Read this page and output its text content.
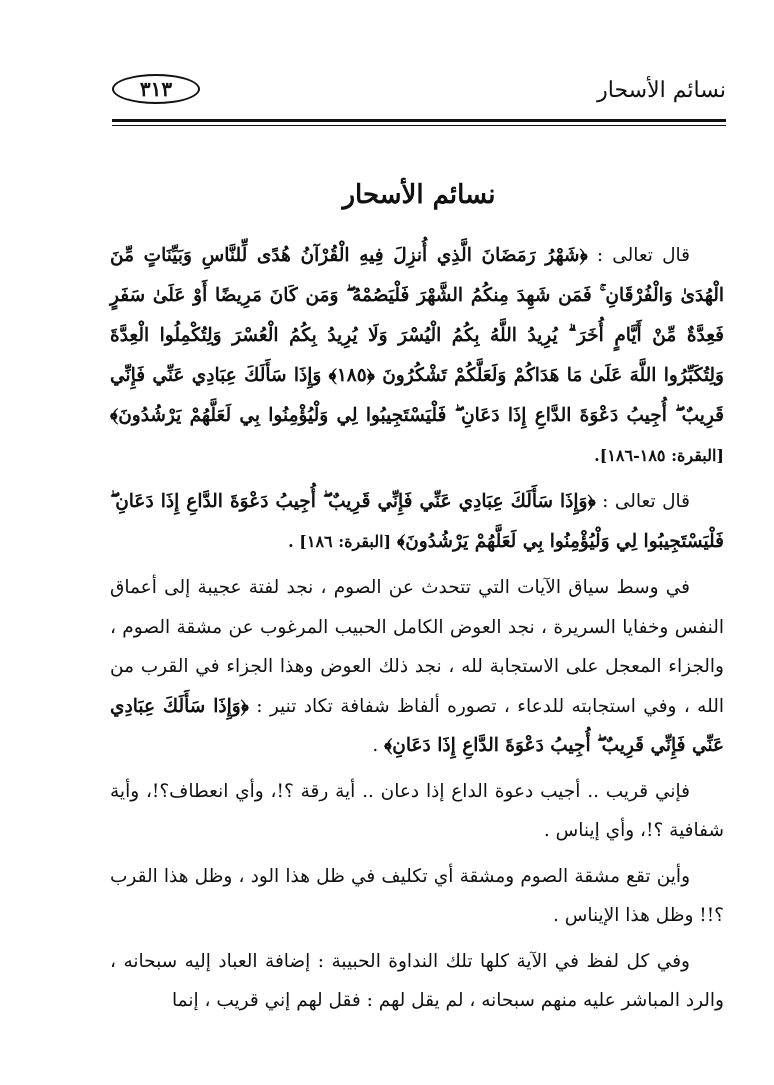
نسائم الأسحار
٣١٣
نسائم الأسحار

قال تعالى : ﴿شَهْرُ رَمَضَانَ الَّذِي أُنزِلَ فِيهِ الْقُرْآنُ هُدًى لِّلنَّاسِ وَبَيِّنَاتٍ مِّنَ الْهُدَىٰ وَالْفُرْقَانِ ۚ فَمَن شَهِدَ مِنكُمُ الشَّهْرَ فَلْيَصُمْهُ ۖ وَمَن كَانَ مَرِيضًا أَوْ عَلَىٰ سَفَرٍ فَعِدَّةٌ مِّنْ أَيَّامٍ أُخَرَ ۗ يُرِيدُ اللَّهُ بِكُمُ الْيُسْرَ وَلَا يُرِيدُ بِكُمُ الْعُسْرَ وَلِتُكْمِلُوا الْعِدَّةَ وَلِتُكَبِّرُوا اللَّهَ عَلَىٰ مَا هَدَاكُمْ وَلَعَلَّكُمْ تَشْكُرُونَ ﴿١٨٥﴾ وَإِذَا سَأَلَكَ عِبَادِي عَنِّي فَإِنِّي قَرِيبٌ ۖ أُجِيبُ دَعْوَةَ الدَّاعِ إِذَا دَعَانِ ۖ فَلْيَسْتَجِيبُوا لِي وَلْيُؤْمِنُوا بِي لَعَلَّهُمْ يَرْشُدُونَ﴾ [البقرة: ١٨٥-١٨٦].

قال تعالى : ﴿وَإِذَا سَأَلَكَ عِبَادِي عَنِّي فَإِنِّي قَرِيبٌ ۖ أُجِيبُ دَعْوَةَ الدَّاعِ إِذَا دَعَانِ ۖ فَلْيَسْتَجِيبُوا لِي وَلْيُؤْمِنُوا بِي لَعَلَّهُمْ يَرْشُدُونَ﴾ [البقرة: ١٨٦] .

في وسط سياق الآيات التي تتحدث عن الصوم ، نجد لفتة عجيبة إلى أعماق النفس وخفايا السريرة ، نجد العوض الكامل الحبيب المرغوب عن مشقة الصوم ، والجزاء المعجل على الاستجابة لله ، نجد ذلك العوض وهذا الجزاء في القرب من الله ، وفي استجابته للدعاء ، تصوره ألفاظ شفافة تكاد تنير : ﴿وَإِذَا سَأَلَكَ عِبَادِي عَنِّي فَإِنِّي قَرِيبٌ ۖ أُجِيبُ دَعْوَةَ الدَّاعِ إِذَا دَعَانِ﴾ .

فإني قريب .. أجيب دعوة الداع إذا دعان .. أية رقة ؟!، وأي انعطاف؟!، وأية شفافية ؟!، وأي إيناس .

وأين تقع مشقة الصوم ومشقة أي تكليف في ظل هذا الود ، وظل هذا القرب ؟!! وظل هذا الإيناس .

وفي كل لفظ في الآية كلها تلك النداوة الحبيبة : إضافة العباد إليه سبحانه ، والرد المباشر عليه منهم سبحانه ، لم يقل لهم : فقل لهم إني قريب ، إنما
